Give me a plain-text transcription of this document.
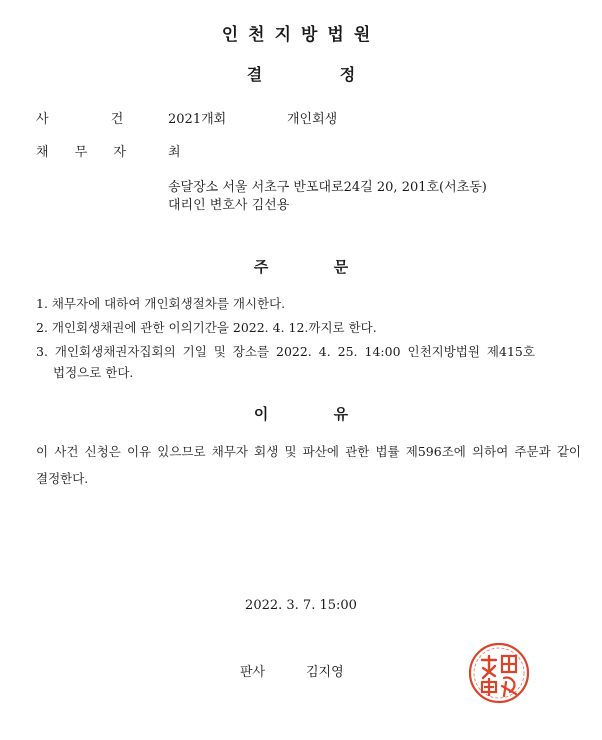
인천지방법원
결 정
사 건	2021개회	개인회생
채 무 자	최
송달장소 서울 서초구 반포대로24길 20, 201호(서초동)
대리인 변호사 김선용
주 문
1. 채무자에 대하여 개인회생절차를 개시한다.
2. 개인회생채권에 관한 이의기간을 2022. 4. 12.까지로 한다.
3. 개인회생채권자집회의 기일 및 장소를 2022. 4. 25. 14:00 인천지방법원 제415호
법정으로 한다.
이 유
이 사건 신청은 이유 있으므로 채무자 회생 및 파산에 관한 법률 제596조에 의하여 주문과 같이 결정한다.
2022. 3. 7. 15:00
판사	김지영
